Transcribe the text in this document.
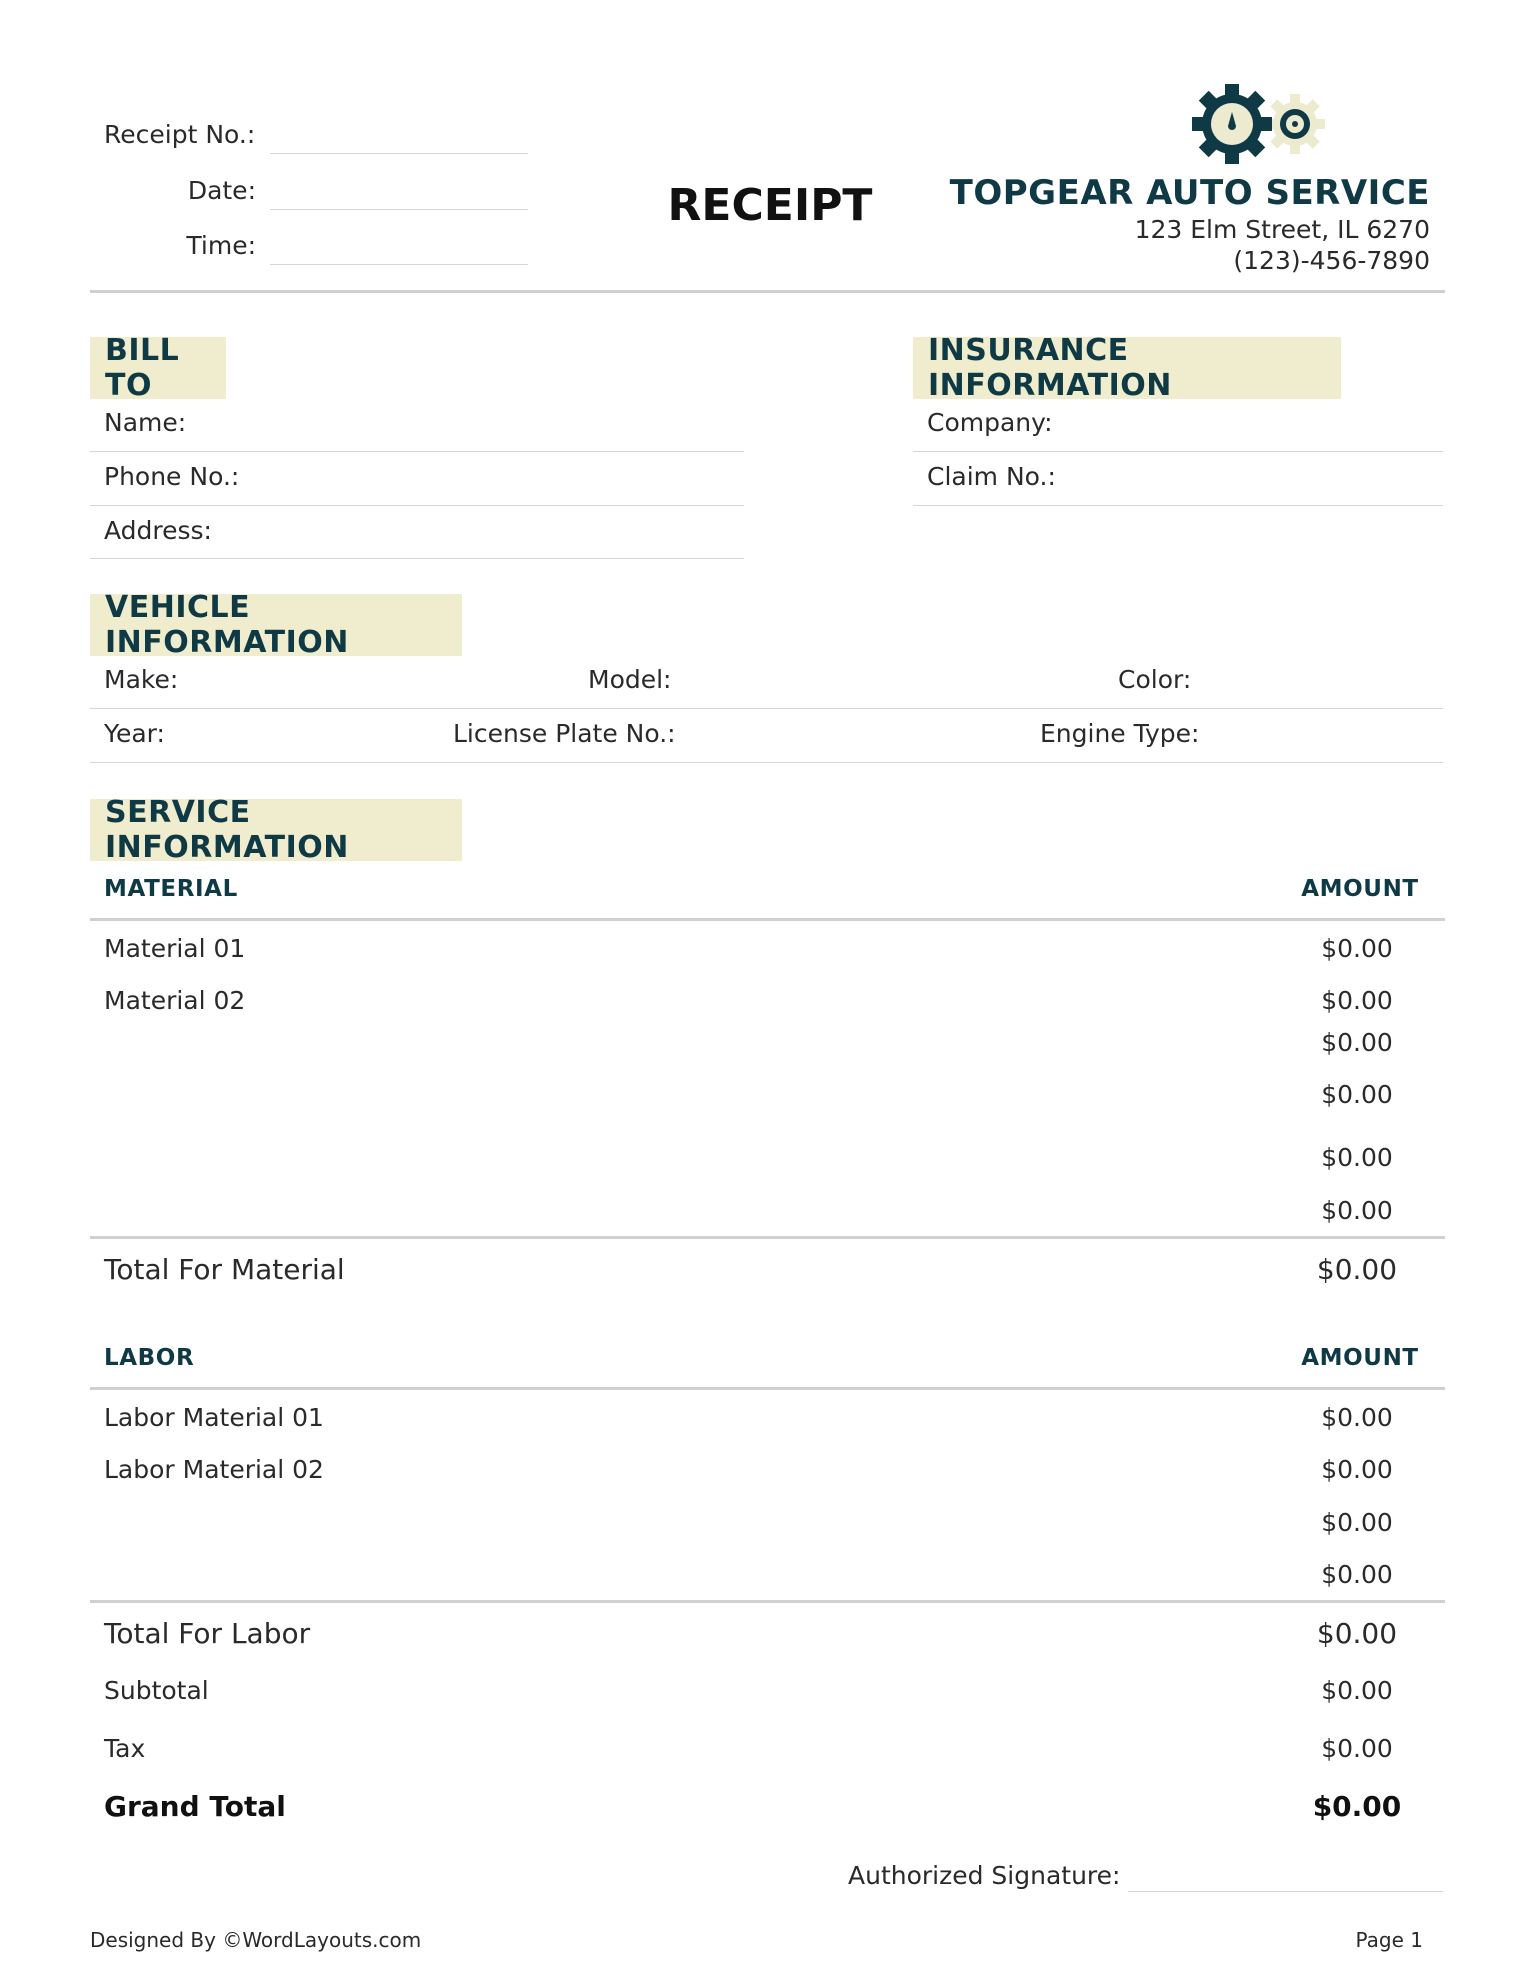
Receipt No.:
Date:
Time:
RECEIPT	TOPGEAR AUTO SERVICE
123 Elm Street, IL 6270
(123)-456-7890
BILL TO
Name:
Phone No.:
Address:
INSURANCE INFORMATION
Company:
Claim No.:
VEHICLE INFORMATION
Make:	Model:	Color:
Year:	License Plate No.:	Engine Type:
SERVICE INFORMATION
MATERIAL	AMOUNT
Material 01	$0.00
Material 02	$0.00
$0.00
$0.00
$0.00
$0.00
Total For Material	$0.00
LABOR	AMOUNT
Labor Material 01	$0.00
Labor Material 02	$0.00
$0.00
$0.00
Total For Labor	$0.00
Subtotal	$0.00
Tax	$0.00
Grand Total	$0.00
Authorized Signature:
Designed By ©WordLayouts.com	Page 1
